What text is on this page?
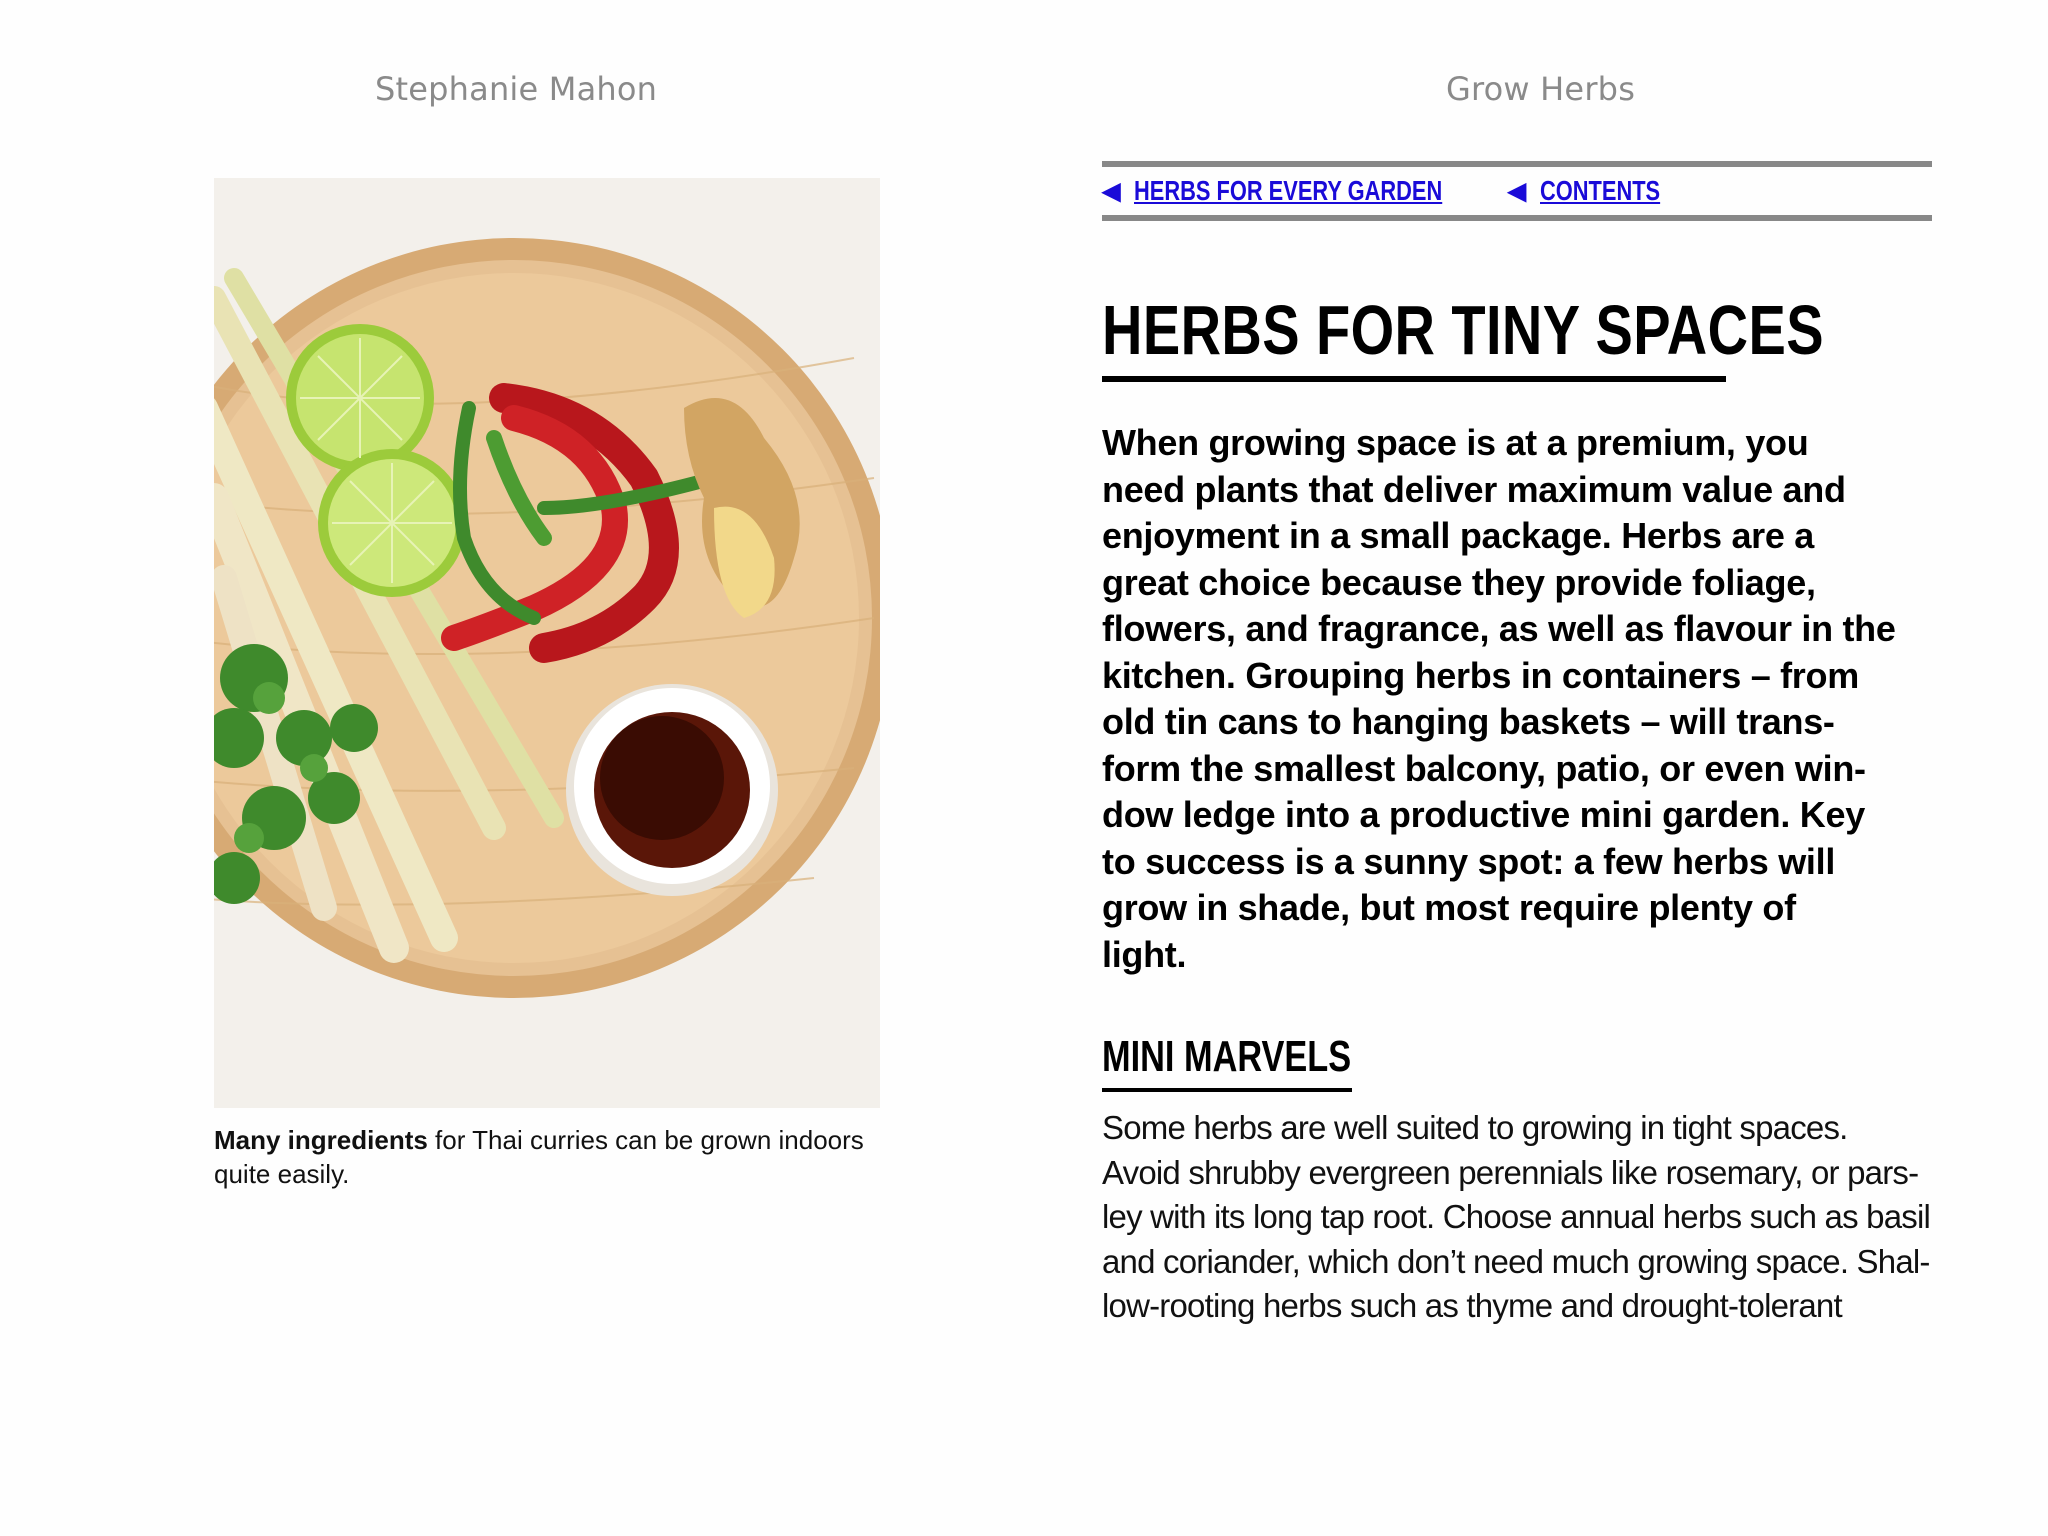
Stephanie Mahon	Grow Herbs
Many ingredients for Thai curries can be grown indoors quite easily.
◀ HERBS FOR EVERY GARDEN	◀ CONTENTS
HERBS FOR TINY SPACES
When growing space is at a premium, you
need plants that deliver maximum value and
enjoyment in a small package. Herbs are a
great choice because they provide foliage,
flowers, and fragrance, as well as flavour in the
kitchen. Grouping herbs in containers – from
old tin cans to hanging baskets – will trans-
form the smallest balcony, patio, or even win-
dow ledge into a productive mini garden. Key
to success is a sunny spot: a few herbs will
grow in shade, but most require plenty of
light.
MINI MARVELS
Some herbs are well suited to growing in tight spaces.
Avoid shrubby evergreen perennials like rosemary, or pars-
ley with its long tap root. Choose annual herbs such as basil
and coriander, which don’t need much growing space. Shal-
low-rooting herbs such as thyme and drought-tolerant
